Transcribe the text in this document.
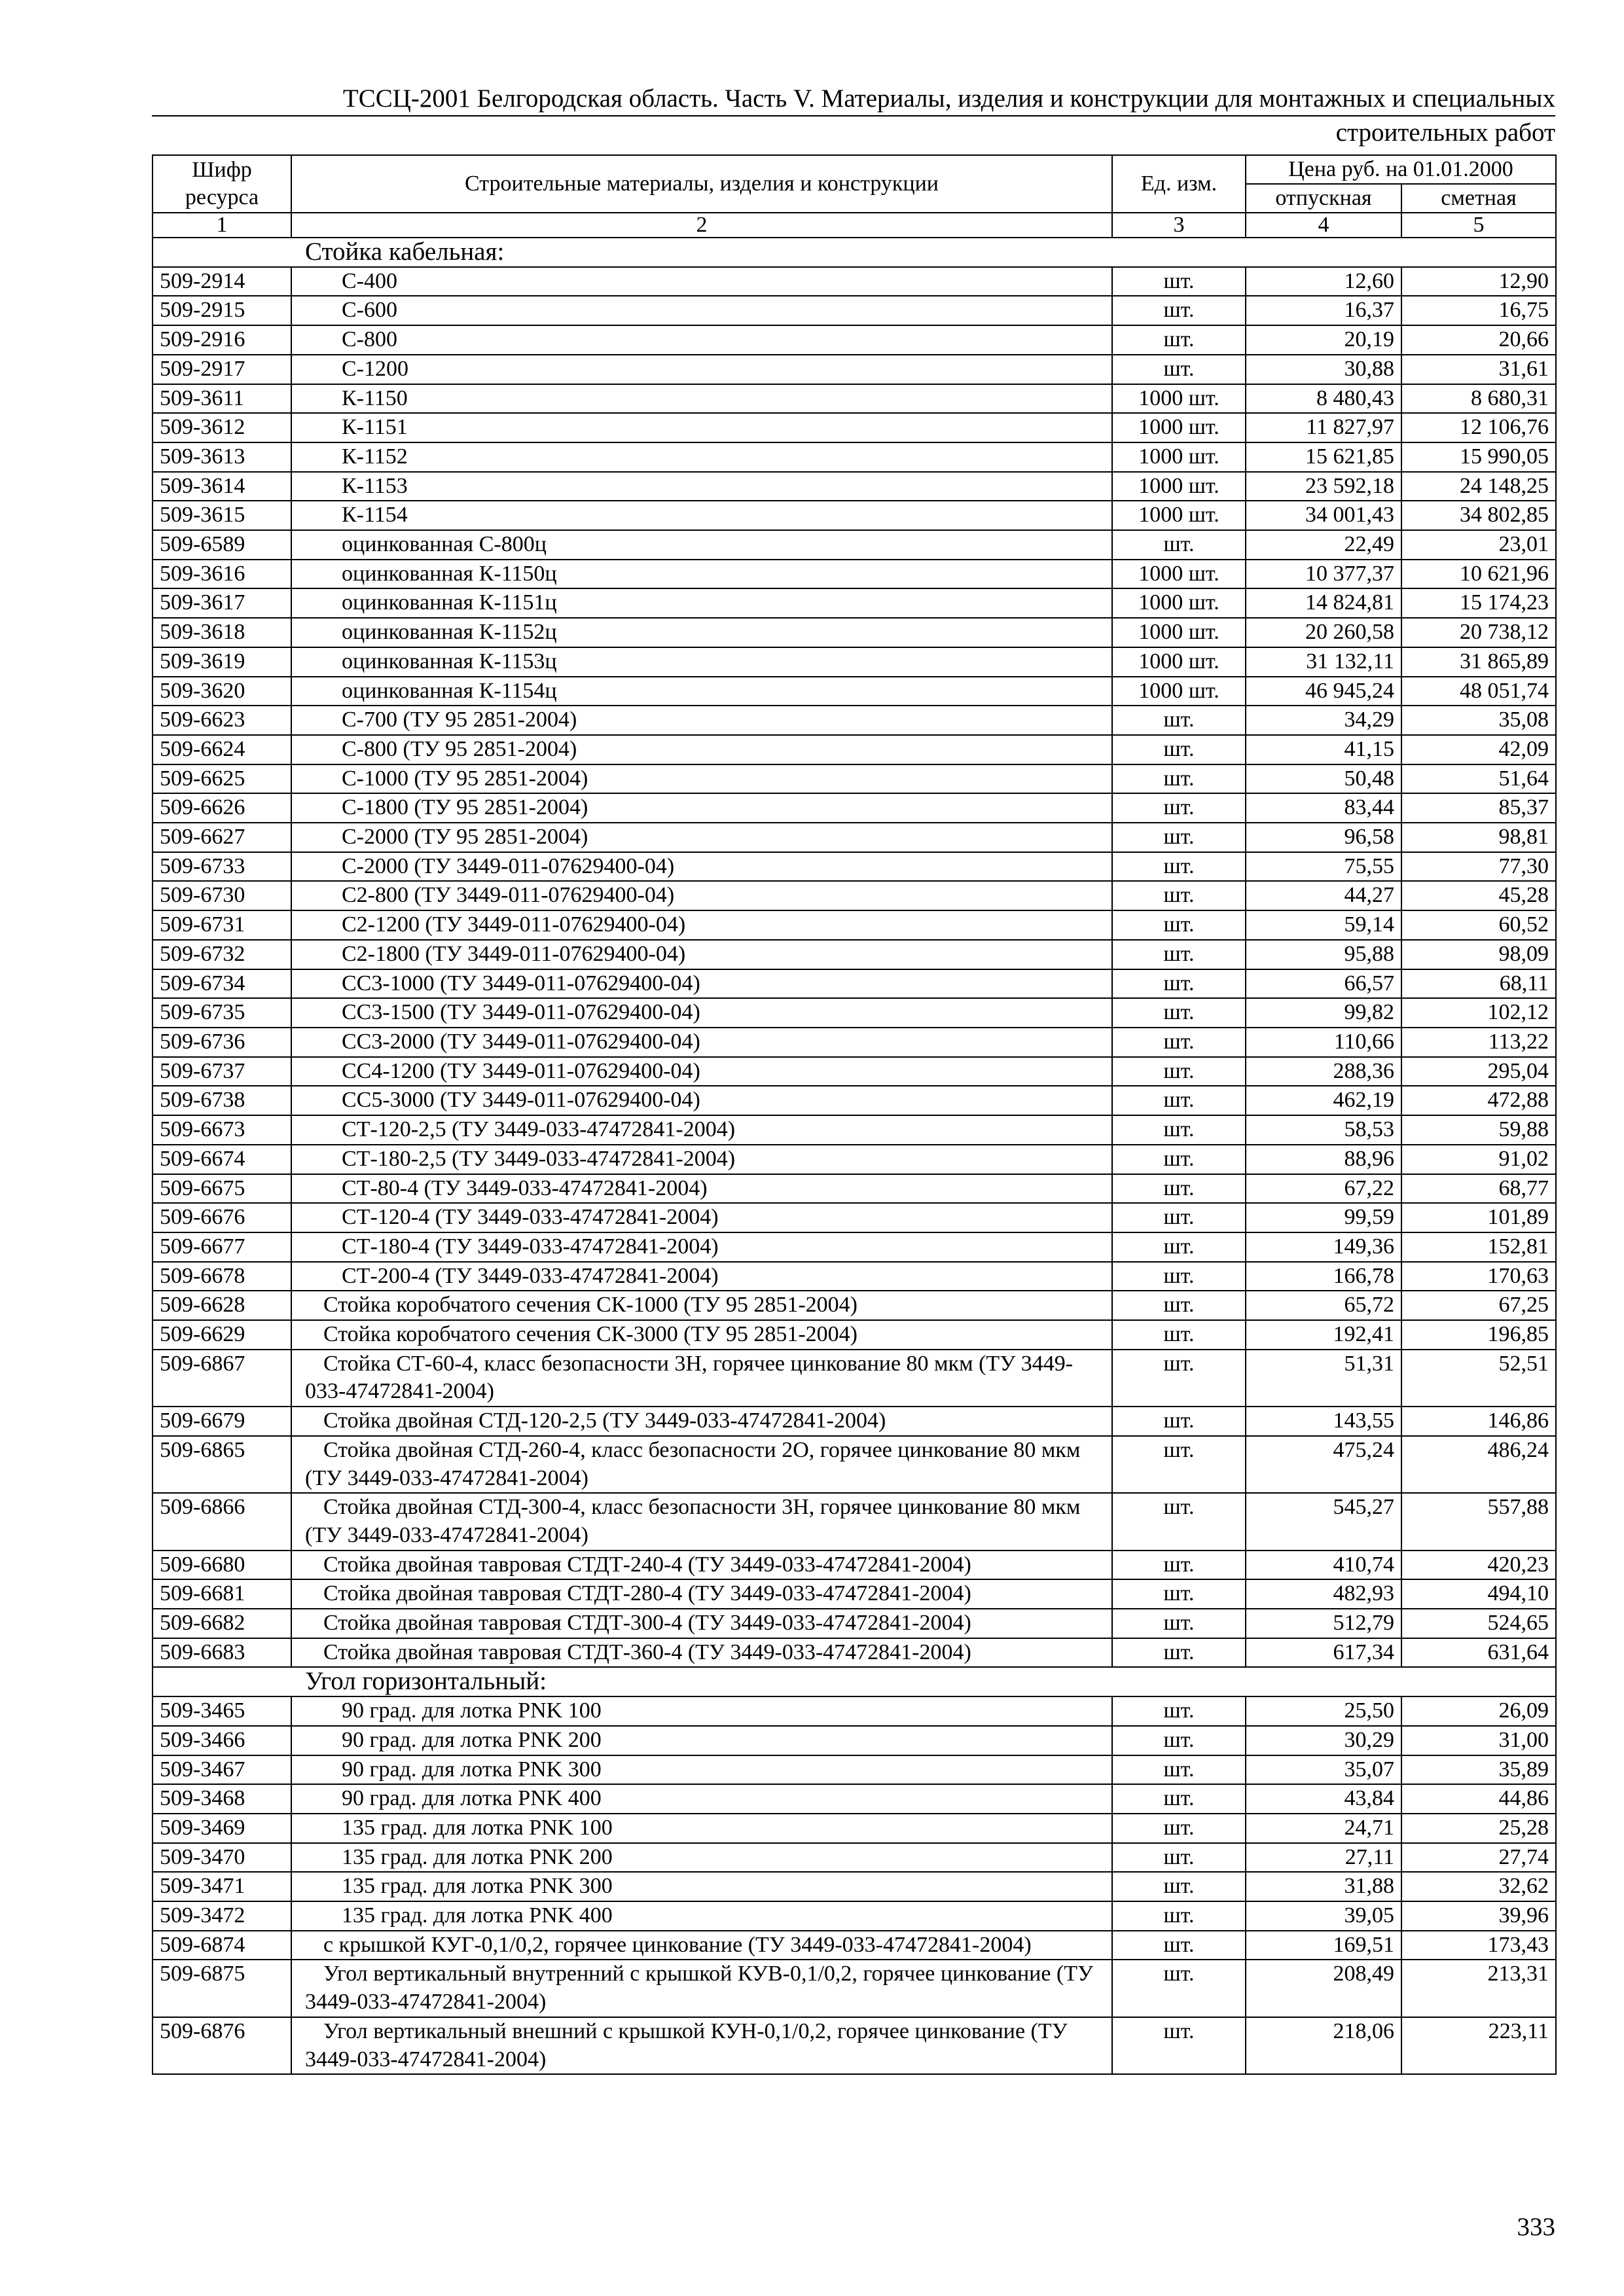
ТССЦ-2001 Белгородская область. Часть V. Материалы, изделия и конструкции для монтажных и специальных
строительных работ
Шифр ресурса	Строительные материалы, изделия и конструкции	Ед. изм.	Цена руб. на 01.01.2000	
			отпускная	сметная
1	2	3	4	5
Стойка кабельная:				
509-2914	С-400	шт.	12,60	12,90
509-2915	С-600	шт.	16,37	16,75
509-2916	С-800	шт.	20,19	20,66
509-2917	С-1200	шт.	30,88	31,61
509-3611	К-1150	1000 шт.	8 480,43	8 680,31
509-3612	К-1151	1000 шт.	11 827,97	12 106,76
509-3613	К-1152	1000 шт.	15 621,85	15 990,05
509-3614	К-1153	1000 шт.	23 592,18	24 148,25
509-3615	К-1154	1000 шт.	34 001,43	34 802,85
509-6589	оцинкованная С-800ц	шт.	22,49	23,01
509-3616	оцинкованная К-1150ц	1000 шт.	10 377,37	10 621,96
509-3617	оцинкованная К-1151ц	1000 шт.	14 824,81	15 174,23
509-3618	оцинкованная К-1152ц	1000 шт.	20 260,58	20 738,12
509-3619	оцинкованная К-1153ц	1000 шт.	31 132,11	31 865,89
509-3620	оцинкованная К-1154ц	1000 шт.	46 945,24	48 051,74
509-6623	С-700 (ТУ 95 2851-2004)	шт.	34,29	35,08
509-6624	С-800 (ТУ 95 2851-2004)	шт.	41,15	42,09
509-6625	С-1000 (ТУ 95 2851-2004)	шт.	50,48	51,64
509-6626	С-1800 (ТУ 95 2851-2004)	шт.	83,44	85,37
509-6627	С-2000 (ТУ 95 2851-2004)	шт.	96,58	98,81
509-6733	С-2000 (ТУ 3449-011-07629400-04)	шт.	75,55	77,30
509-6730	С2-800 (ТУ 3449-011-07629400-04)	шт.	44,27	45,28
509-6731	С2-1200 (ТУ 3449-011-07629400-04)	шт.	59,14	60,52
509-6732	С2-1800 (ТУ 3449-011-07629400-04)	шт.	95,88	98,09
509-6734	СС3-1000 (ТУ 3449-011-07629400-04)	шт.	66,57	68,11
509-6735	СС3-1500 (ТУ 3449-011-07629400-04)	шт.	99,82	102,12
509-6736	СС3-2000 (ТУ 3449-011-07629400-04)	шт.	110,66	113,22
509-6737	СС4-1200 (ТУ 3449-011-07629400-04)	шт.	288,36	295,04
509-6738	СС5-3000 (ТУ 3449-011-07629400-04)	шт.	462,19	472,88
509-6673	СТ-120-2,5 (ТУ 3449-033-47472841-2004)	шт.	58,53	59,88
509-6674	СТ-180-2,5 (ТУ 3449-033-47472841-2004)	шт.	88,96	91,02
509-6675	СТ-80-4 (ТУ 3449-033-47472841-2004)	шт.	67,22	68,77
509-6676	СТ-120-4 (ТУ 3449-033-47472841-2004)	шт.	99,59	101,89
509-6677	СТ-180-4 (ТУ 3449-033-47472841-2004)	шт.	149,36	152,81
509-6678	СТ-200-4 (ТУ 3449-033-47472841-2004)	шт.	166,78	170,63
509-6628	Стойка коробчатого сечения СК-1000 (ТУ 95 2851-2004)	шт.	65,72	67,25
509-6629	Стойка коробчатого сечения СК-3000 (ТУ 95 2851-2004)	шт.	192,41	196,85
509-6867	Стойка СТ-60-4, класс безопасности 3Н, горячее цинкование 80 мкм (ТУ 3449-033-47472841-2004)	шт.	51,31	52,51
509-6679	Стойка двойная СТД-120-2,5 (ТУ 3449-033-47472841-2004)	шт.	143,55	146,86
509-6865	Стойка двойная СТД-260-4, класс безопасности 2О, горячее цинкование 80 мкм (ТУ 3449-033-47472841-2004)	шт.	475,24	486,24
509-6866	Стойка двойная СТД-300-4, класс безопасности 3Н, горячее цинкование 80 мкм (ТУ 3449-033-47472841-2004)	шт.	545,27	557,88
509-6680	Стойка двойная тавровая СТДТ-240-4 (ТУ 3449-033-47472841-2004)	шт.	410,74	420,23
509-6681	Стойка двойная тавровая СТДТ-280-4 (ТУ 3449-033-47472841-2004)	шт.	482,93	494,10
509-6682	Стойка двойная тавровая СТДТ-300-4 (ТУ 3449-033-47472841-2004)	шт.	512,79	524,65
509-6683	Стойка двойная тавровая СТДТ-360-4 (ТУ 3449-033-47472841-2004)	шт.	617,34	631,64
Угол горизонтальный:				
509-3465	90 град. для лотка PNK 100	шт.	25,50	26,09
509-3466	90 град. для лотка PNK 200	шт.	30,29	31,00
509-3467	90 град. для лотка PNK 300	шт.	35,07	35,89
509-3468	90 град. для лотка PNK 400	шт.	43,84	44,86
509-3469	135 град. для лотка PNK 100	шт.	24,71	25,28
509-3470	135 град. для лотка PNK 200	шт.	27,11	27,74
509-3471	135 град. для лотка PNK 300	шт.	31,88	32,62
509-3472	135 град. для лотка PNK 400	шт.	39,05	39,96
509-6874	с крышкой КУГ-0,1/0,2, горячее цинкование (ТУ 3449-033-47472841-2004)	шт.	169,51	173,43
509-6875	Угол вертикальный внутренний с крышкой КУВ-0,1/0,2, горячее цинкование (ТУ 3449-033-47472841-2004)	шт.	208,49	213,31
509-6876	Угол вертикальный внешний с крышкой КУН-0,1/0,2, горячее цинкование (ТУ 3449-033-47472841-2004)	шт.	218,06	223,11
333
